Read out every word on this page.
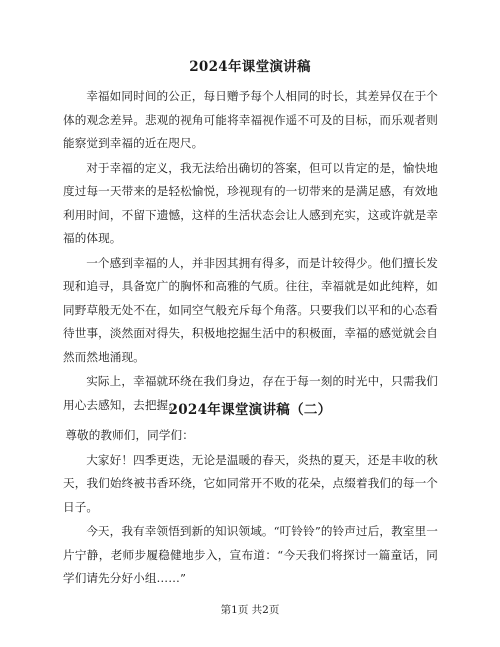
2024年课堂演讲稿

幸福如同时间的公正，每日赠予每个人相同的时长，其差异仅在于个体的观念差异。悲观的视角可能将幸福视作遥不可及的目标，而乐观者则能察觉到幸福的近在咫尺。

对于幸福的定义，我无法给出确切的答案，但可以肯定的是，愉快地度过每一天带来的是轻松愉悦，珍视现有的一切带来的是满足感，有效地利用时间，不留下遗憾，这样的生活状态会让人感到充实，这或许就是幸福的体现。

一个感到幸福的人，并非因其拥有得多，而是计较得少。他们擅长发现和追寻，具备宽广的胸怀和高雅的气质。往往，幸福就是如此纯粹，如同野草般无处不在，如同空气般充斥每个角落。只要我们以平和的心态看待世事，淡然面对得失，积极地挖掘生活中的积极面，幸福的感觉就会自然而然地涌现。

实际上，幸福就环绕在我们身边，存在于每一刻的时光中，只需我们用心去感知，去把握。

2024年课堂演讲稿（二）

尊敬的教师们，同学们：

大家好！四季更迭，无论是温暖的春天，炎热的夏天，还是丰收的秋天，我们始终被书香环绕，它如同常开不败的花朵，点缀着我们的每一个日子。

今天，我有幸领悟到新的知识领域。“叮铃铃”的铃声过后，教室里一片宁静，老师步履稳健地步入，宣布道：“今天我们将探讨一篇童话，同学们请先分好小组……”

第1页 共2页
